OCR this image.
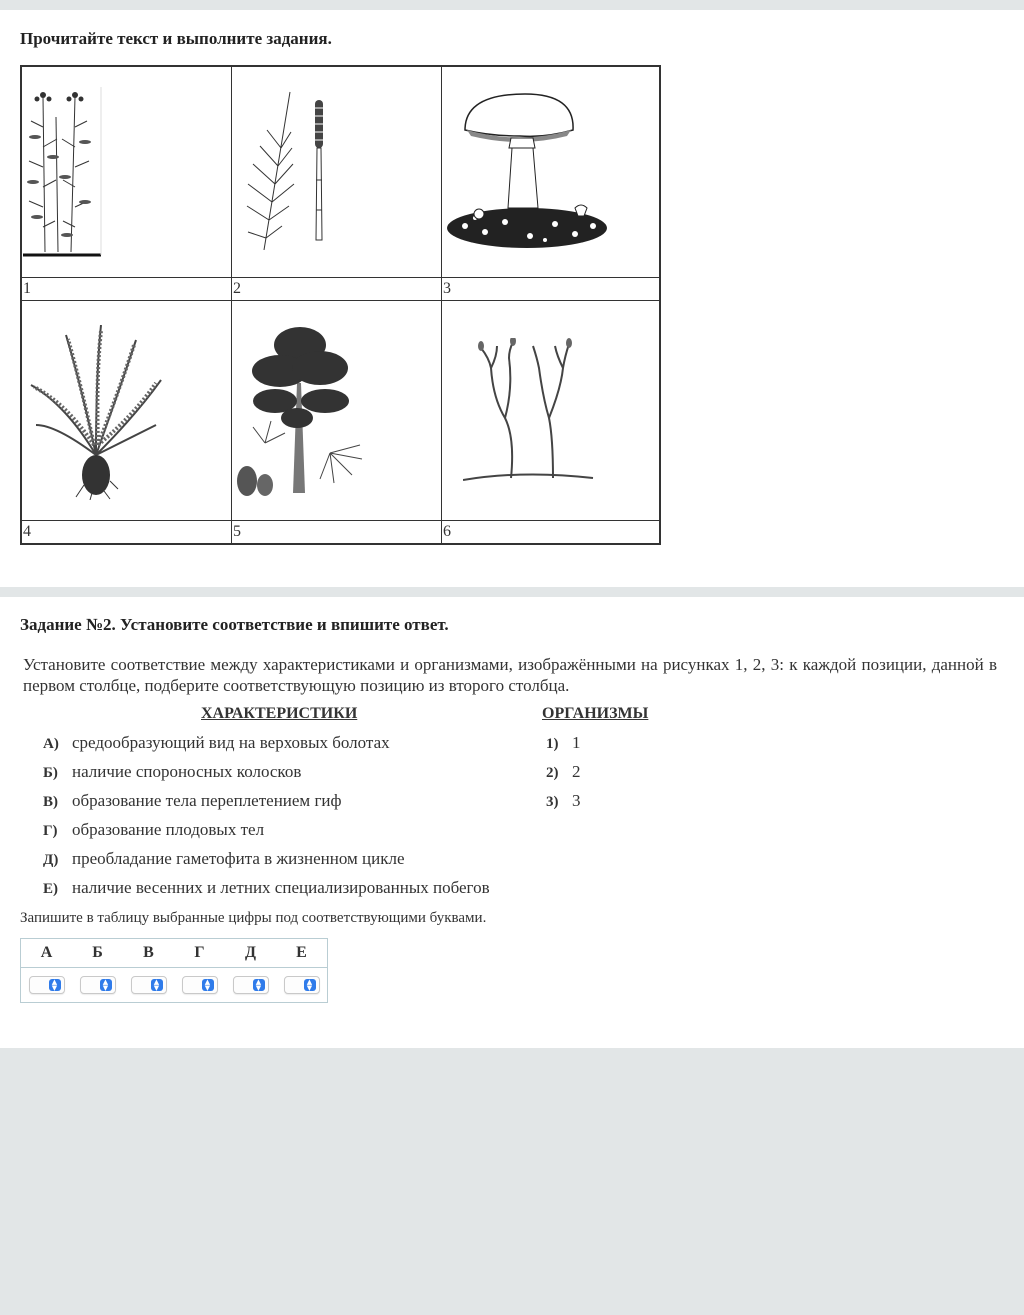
Прочитайте текст и выполните задания.

1	2	3

4	5	6
Задание №2. Установите соответствие и впишите ответ.
Установите соответствие между характеристиками и организмами, изображёнными на рисунках 1, 2, 3: к каждой позиции, данной в первом столбце, подберите соответствующую позицию из второго столбца.
ХАРАКТЕРИСТИКИ	ОРГАНИЗМЫ
А) средообразующий вид на верховых болотах
Б) наличие спороносных колосков
В) образование тела переплетением гиф
Г) образование плодовых тел
Д) преобладание гаметофита в жизненном цикле
Е) наличие весенних и летних специализированных побегов
1) 1
2) 2
3) 3
Запишите в таблицу выбранные цифры под соответствующими буквами.
А	Б	В	Г	Д	Е

▲
▼	▲
▼	▲
▼	▲
▼	▲
▼	▲
▼
